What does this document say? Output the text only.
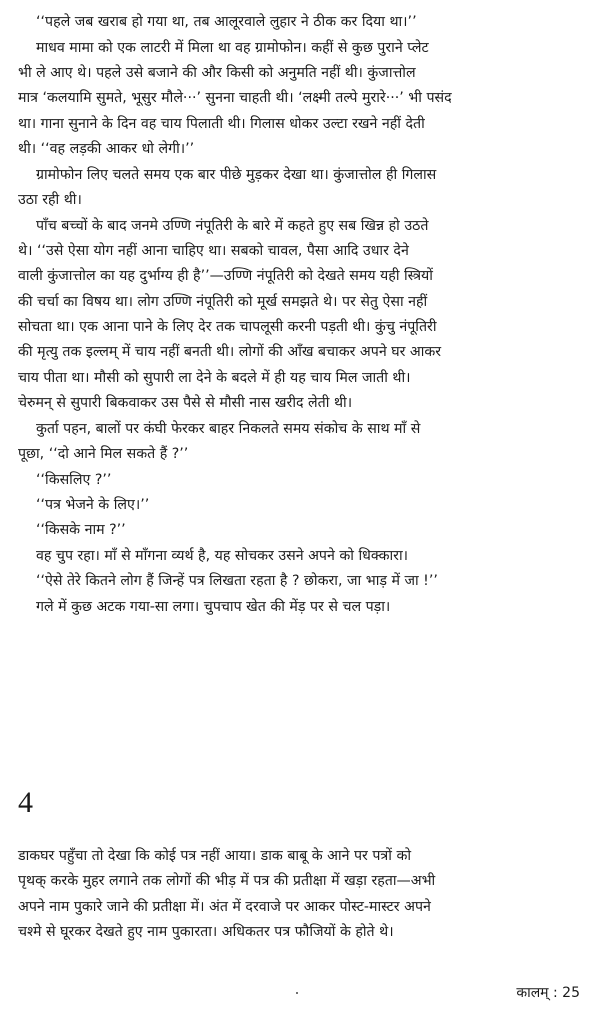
‘‘पहले जब खराब हो गया था, तब आलूरवाले लुहार ने ठीक कर दिया था।’’
माधव मामा को एक लाटरी में मिला था वह ग्रामोफोन। कहीं से कुछ पुराने प्लेट
भी ले आए थे। पहले उसे बजाने की और किसी को अनुमति नहीं थी। कुंजात्तोल
मात्र ‘कलयामि सुमते, भूसुर मौले···’ सुनना चाहती थी। ‘लक्ष्मी तल्पे मुरारे···’ भी पसंद
था। गाना सुनाने के दिन वह चाय पिलाती थी। गिलास धोकर उल्टा रखने नहीं देती
थी। ‘‘वह लड़की आकर धो लेगी।’’
ग्रामोफोन लिए चलते समय एक बार पीछे मुड़कर देखा था। कुंजात्तोल ही गिलास
उठा रही थी।
पाँच बच्चों के बाद जनमे उण्णि नंपूतिरी के बारे में कहते हुए सब खिन्न हो उठते
थे। ‘‘उसे ऐसा योग नहीं आना चाहिए था। सबको चावल, पैसा आदि उधार देने
वाली कुंजात्तोल का यह दुर्भाग्य ही है’’—उण्णि नंपूतिरी को देखते समय यही स्त्रियों
की चर्चा का विषय था। लोग उण्णि नंपूतिरी को मूर्ख समझते थे। पर सेतु ऐसा नहीं
सोचता था। एक आना पाने के लिए देर तक चापलूसी करनी पड़ती थी। कुंचु नंपूतिरी
की मृत्यु तक इल्लम् में चाय नहीं बनती थी। लोगों की आँख बचाकर अपने घर आकर
चाय पीता था। मौसी को सुपारी ला देने के बदले में ही यह चाय मिल जाती थी।
चेरुमन् से सुपारी बिकवाकर उस पैसे से मौसी नास खरीद लेती थी।
कुर्ता पहन, बालों पर कंघी फेरकर बाहर निकलते समय संकोच के साथ माँ से
पूछा, ‘‘दो आने मिल सकते हैं ?’’
‘‘किसलिए ?’’
‘‘पत्र भेजने के लिए।’’
‘‘किसके नाम ?’’
वह चुप रहा। माँ से माँगना व्यर्थ है, यह सोचकर उसने अपने को धिक्कारा।
‘‘ऐसे तेरे कितने लोग हैं जिन्हें पत्र लिखता रहता है ? छोकरा, जा भाड़ में जा !’’
गले में कुछ अटक गया-सा लगा। चुपचाप खेत की मेंड़ पर से चल पड़ा।
4
डाकघर पहुँचा तो देखा कि कोई पत्र नहीं आया। डाक बाबू के आने पर पत्रों को
पृथक् करके मुहर लगाने तक लोगों की भीड़ में पत्र की प्रतीक्षा में खड़ा रहता—अभी
अपने नाम पुकारे जाने की प्रतीक्षा में। अंत में दरवाजे पर आकर पोस्ट-मास्टर अपने
चश्मे से घूरकर देखते हुए नाम पुकारता। अधिकतर पत्र फौजियों के होते थे।
कालम् : 25
